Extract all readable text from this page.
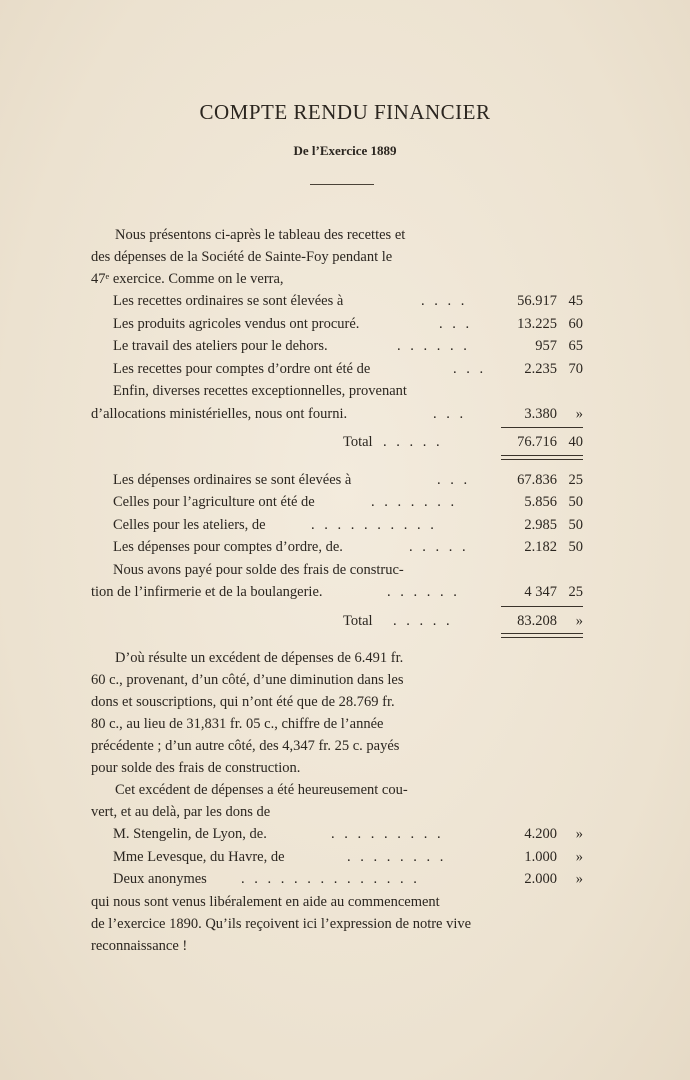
COMPTE RENDU FINANCIER
De l’Exercice 1889
Nous présentons ci-après le tableau des recettes et
des dépenses de la Société de Sainte-Foy pendant le
47ᵉ exercice. Comme on le verra,
Les recettes ordinaires se sont élevées à	. . . .	56.917 45
Les produits agricoles vendus ont procuré.	. . .	13.225 60
Le travail des ateliers pour le dehors.	. . . . . .	957 65
Les recettes pour comptes d’ordre ont été de	. . .	2.235 70
Enfin, diverses recettes exceptionnelles, provenant
d’allocations ministérielles, nous ont fourni.	. . .	3.380	»
Total . . . . .	76.716 40
Les dépenses ordinaires se sont élevées à	. . .	67.836 25
Celles pour l’agriculture ont été de	. . . . . . .	5.856 50
Celles pour les ateliers, de	. . . . . . . . . .	2.985 50
Les dépenses pour comptes d’ordre, de.	. . . . .	2.182 50
Nous avons payé pour solde des frais de construc-
tion de l’infirmerie et de la boulangerie.	. . . . . .	4 347 25
Total . . . . .	83.208	»
D’où résulte un excédent de dépenses de 6.491 fr.
60 c., provenant, d’un côté, d’une diminution dans les
dons et souscriptions, qui n’ont été que de 28.769 fr.
80 c., au lieu de 31,831 fr. 05 c., chiffre de l’année
précédente ; d’un autre côté, des 4,347 fr. 25 c. payés
pour solde des frais de construction.
Cet excédent de dépenses a été heureusement cou-
vert, et au delà, par les dons de
M. Stengelin, de Lyon, de.	. . . . . . . . .	4.200	»
Mme Levesque, du Havre, de	. . . . . . . .	1.000	»
Deux anonymes . . . . . . . . . . . . . .	2.000	»
qui nous sont venus libéralement en aide au commencement
de l’exercice 1890. Qu’ils reçoivent ici l’expression de notre vive
reconnaissance !
